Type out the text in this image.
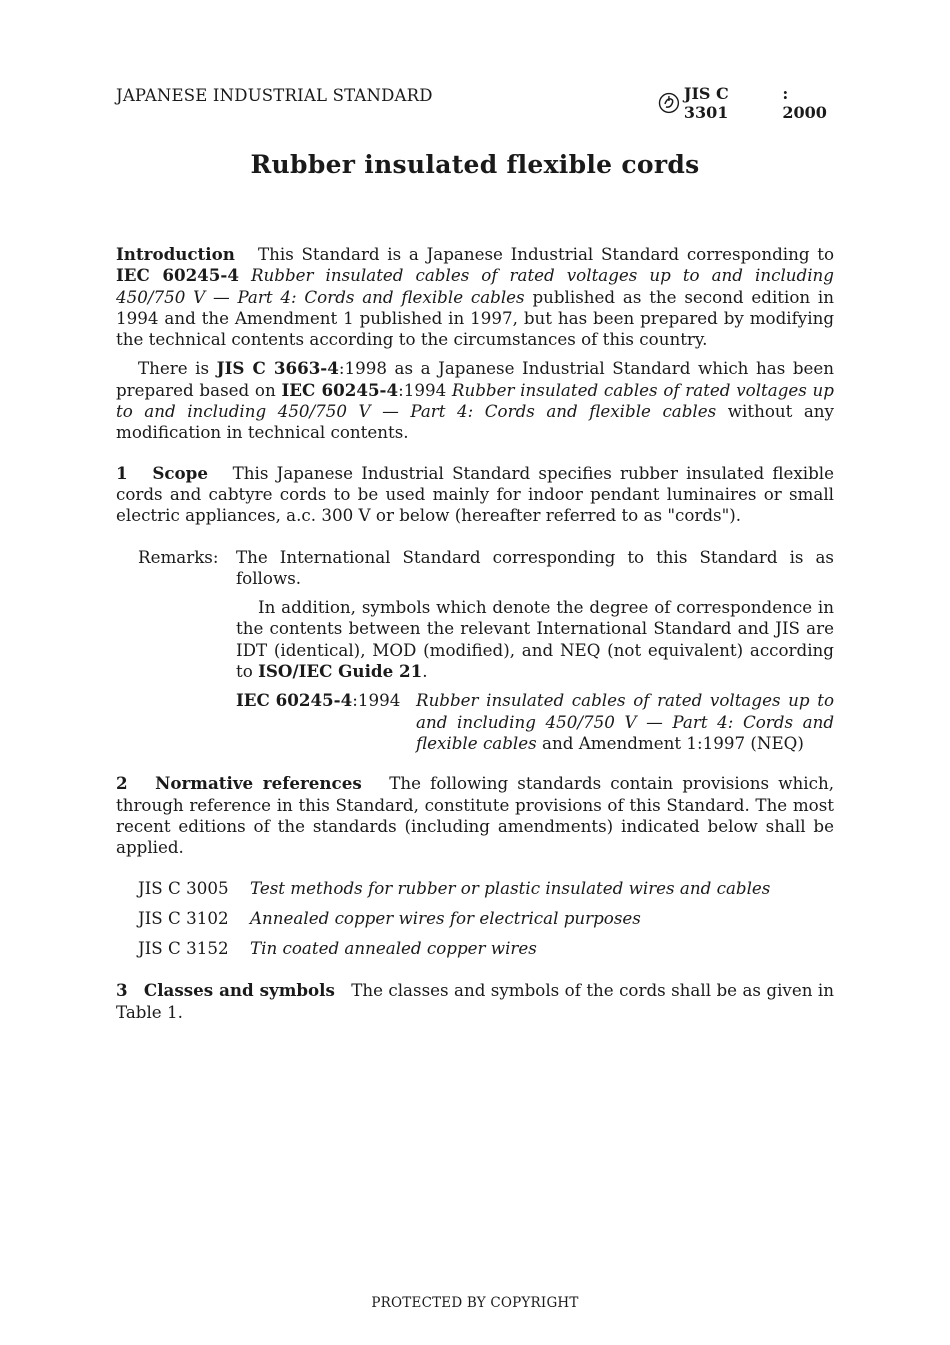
JAPANESE INDUSTRIAL STANDARD	JIS C 3301
: 2000
Rubber insulated flexible cords

Introduction This Standard is a Japanese Industrial Standard corresponding to IEC 60245-4 Rubber insulated cables of rated voltages up to and including 450/750 V — Part 4: Cords and flexible cables published as the second edition in 1994 and the Amendment 1 published in 1997, but has been prepared by modifying the technical contents according to the circumstances of this country.

There is JIS C 3663-4:1998 as a Japanese Industrial Standard which has been prepared based on IEC 60245-4:1994 Rubber insulated cables of rated voltages up to and including 450/750 V — Part 4: Cords and flexible cables without any modification in technical contents.

1 Scope This Japanese Industrial Standard specifies rubber insulated flexible cords and cabtyre cords to be used mainly for indoor pendant luminaires or small electric appliances, a.c. 300 V or below (hereafter referred to as "cords").

Remarks:	The International Standard corresponding to this Standard is as follows.

In addition, symbols which denote the degree of correspondence in the contents between the relevant International Standard and JIS are IDT (identical), MOD (modified), and NEQ (not equivalent) according to ISO/IEC Guide 21.

IEC 60245-4:1994 Rubber insulated cables of rated voltages up to and including 450/750 V — Part 4: Cords and flexible cables and Amendment 1:1997 (NEQ)

2 Normative references The following standards contain provisions which, through reference in this Standard, constitute provisions of this Standard. The most recent editions of the standards (including amendments) indicated below shall be applied.

JIS C 3005	Test methods for rubber or plastic insulated wires and cables
JIS C 3102	Annealed copper wires for electrical purposes
JIS C 3152	Tin coated annealed copper wires

3 Classes and symbols The classes and symbols of the cords shall be as given in Table 1.

PROTECTED BY COPYRIGHT
